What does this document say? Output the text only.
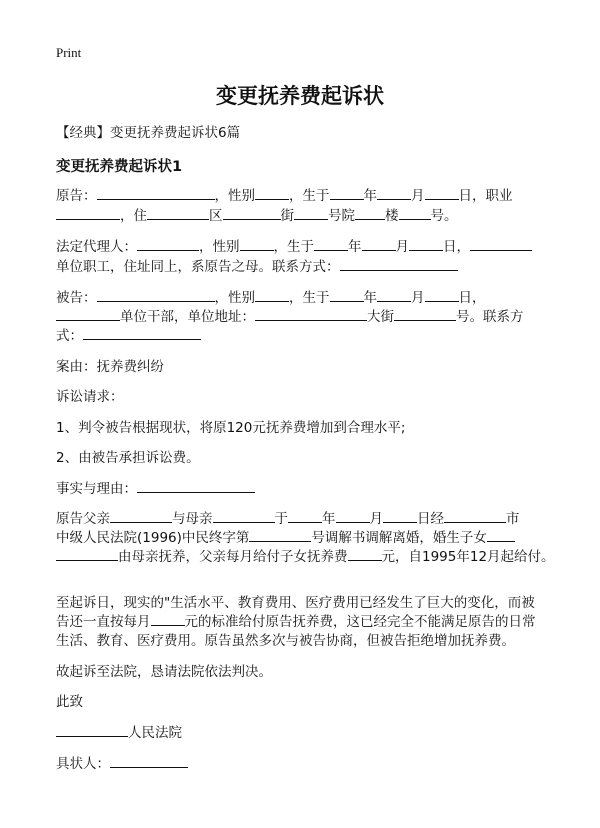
Print
变更抚养费起诉状
【经典】变更抚养费起诉状6篇
变更抚养费起诉状1
原告：	，性别	，生于	年	月	日，职业
，住	区	街	号院 楼 号。
法定代理人：	，性别	，生于	年	月	日，
单位职工，住址同上，系原告之母。联系方式：
被告：	，性别	，生于	年	月	日，
单位干部，单位地址：	大街	号。联系方
式：
案由：抚养费纠纷
诉讼请求：
1、判令被告根据现状，将原120元抚养费增加到合理水平;
2、由被告承担诉讼费。
事实与理由：
原告父亲	与母亲	于	年	月	日经	市
中级人民法院(1996)中民终字第	号调解书调解离婚，婚生子女
由母亲抚养，父亲每月给付子女抚养费	元，自1995年12月起给付。
至起诉日，现实的"生活水平、教育费用、医疗费用已经发生了巨大的变化，而被
告还一直按每月	元的标准给付原告抚养费，这已经完全不能满足原告的日常
生活、教育、医疗费用。原告虽然多次与被告协商，但被告拒绝增加抚养费。
故起诉至法院，恳请法院依法判决。
此致
人民法院
具状人：
